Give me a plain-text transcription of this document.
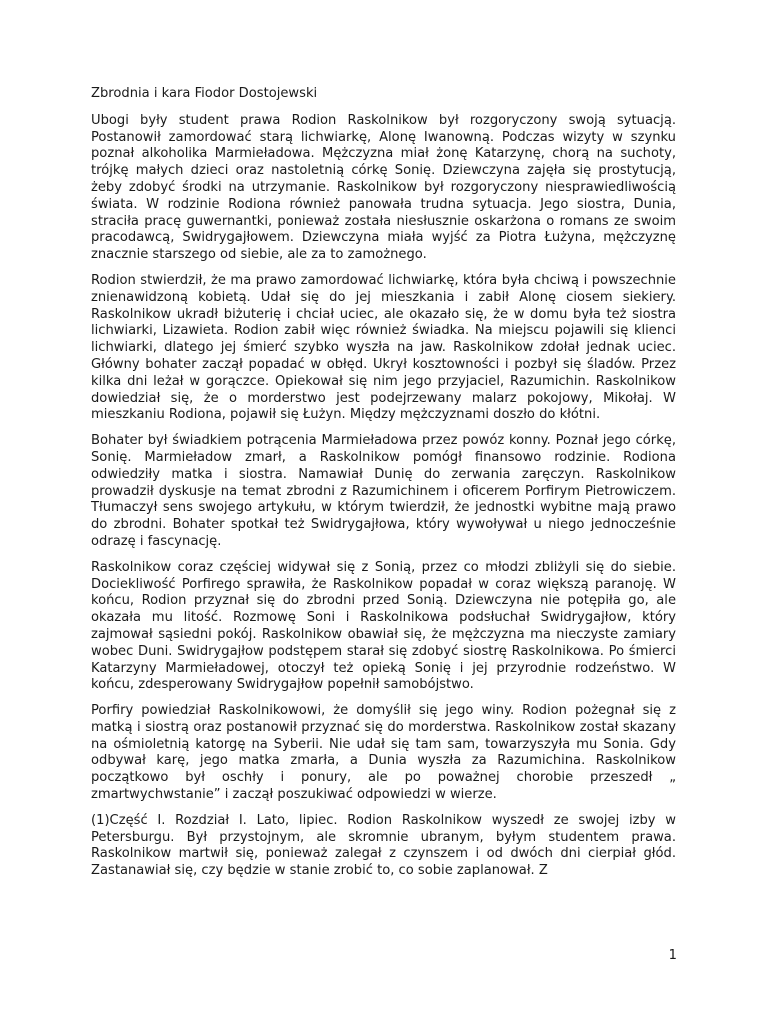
Zbrodnia i kara Fiodor Dostojewski

Ubogi były student prawa Rodion Raskolnikow był rozgoryczony swoją sytuacją. Postanowił zamordować starą lichwiarkę, Alonę Iwanowną. Podczas wizyty w szynku poznał alkoholika Marmieładowa. Mężczyzna miał żonę Katarzynę, chorą na suchoty, trójkę małych dzieci oraz nastoletnią córkę Sonię. Dziewczyna zajęła się prostytucją, żeby zdobyć środki na utrzymanie. Raskolnikow był rozgoryczony niesprawiedliwością świata. W rodzinie Rodiona również panowała trudna sytuacja. Jego siostra, Dunia, straciła pracę guwernantki, ponieważ została niesłusznie oskarżona o romans ze swoim pracodawcą, Swidrygajłowem. Dziewczyna miała wyjść za Piotra Łużyna, mężczyznę znacznie starszego od siebie, ale za to zamożnego.

Rodion stwierdził, że ma prawo zamordować lichwiarkę, która była chciwą i powszechnie znienawidzoną kobietą. Udał się do jej mieszkania i zabił Alonę ciosem siekiery. Raskolnikow ukradł biżuterię i chciał uciec, ale okazało się, że w domu była też siostra lichwiarki, Lizawieta. Rodion zabił więc również świadka. Na miejscu pojawili się klienci lichwiarki, dlatego jej śmierć szybko wyszła na jaw. Raskolnikow zdołał jednak uciec. Główny bohater zaczął popadać w obłęd. Ukrył kosztowności i pozbył się śladów. Przez kilka dni leżał w gorączce. Opiekował się nim jego przyjaciel, Razumichin. Raskolnikow dowiedział się, że o morderstwo jest podejrzewany malarz pokojowy, Mikołaj. W mieszkaniu Rodiona, pojawił się Łużyn. Między mężczyznami doszło do kłótni.

Bohater był świadkiem potrącenia Marmieładowa przez powóz konny. Poznał jego córkę, Sonię. Marmieładow zmarł, a Raskolnikow pomógł finansowo rodzinie. Rodiona odwiedziły matka i siostra. Namawiał Dunię do zerwania zaręczyn. Raskolnikow prowadził dyskusje na temat zbrodni z Razumichinem i oficerem Porfirym Pietrowiczem. Tłumaczył sens swojego artykułu, w którym twierdził, że jednostki wybitne mają prawo do zbrodni. Bohater spotkał też Swidrygajłowa, który wywoływał u niego jednocześnie odrazę i fascynację.

Raskolnikow coraz częściej widywał się z Sonią, przez co młodzi zbliżyli się do siebie. Dociekliwość Porfirego sprawiła, że Raskolnikow popadał w coraz większą paranoję. W końcu, Rodion przyznał się do zbrodni przed Sonią. Dziewczyna nie potępiła go, ale okazała mu litość. Rozmowę Soni i Raskolnikowa podsłuchał Swidrygajłow, który zajmował sąsiedni pokój. Raskolnikow obawiał się, że mężczyzna ma nieczyste zamiary wobec Duni. Swidrygajłow podstępem starał się zdobyć siostrę Raskolnikowa. Po śmierci Katarzyny Marmieładowej, otoczył też opieką Sonię i jej przyrodnie rodzeństwo. W końcu, zdesperowany Swidrygajłow popełnił samobójstwo.

Porfiry powiedział Raskolnikowowi, że domyślił się jego winy. Rodion pożegnał się z matką i siostrą oraz postanowił przyznać się do morderstwa. Raskolnikow został skazany na ośmioletnią katorgę na Syberii. Nie udał się tam sam, towarzyszyła mu Sonia. Gdy odbywał karę, jego matka zmarła, a Dunia wyszła za Razumichina. Raskolnikow początkowo był oschły i ponury, ale po poważnej chorobie przeszedł „ zmartwychwstanie” i zaczął poszukiwać odpowiedzi w wierze.

(1)Część I. Rozdział I. Lato, lipiec. Rodion Raskolnikow wyszedł ze swojej izby w Petersburgu. Był przystojnym, ale skromnie ubranym, byłym studentem prawa. Raskolnikow martwił się, ponieważ zalegał z czynszem i od dwóch dni cierpiał głód. Zastanawiał się, czy będzie w stanie zrobić to, co sobie zaplanował. Z

1
